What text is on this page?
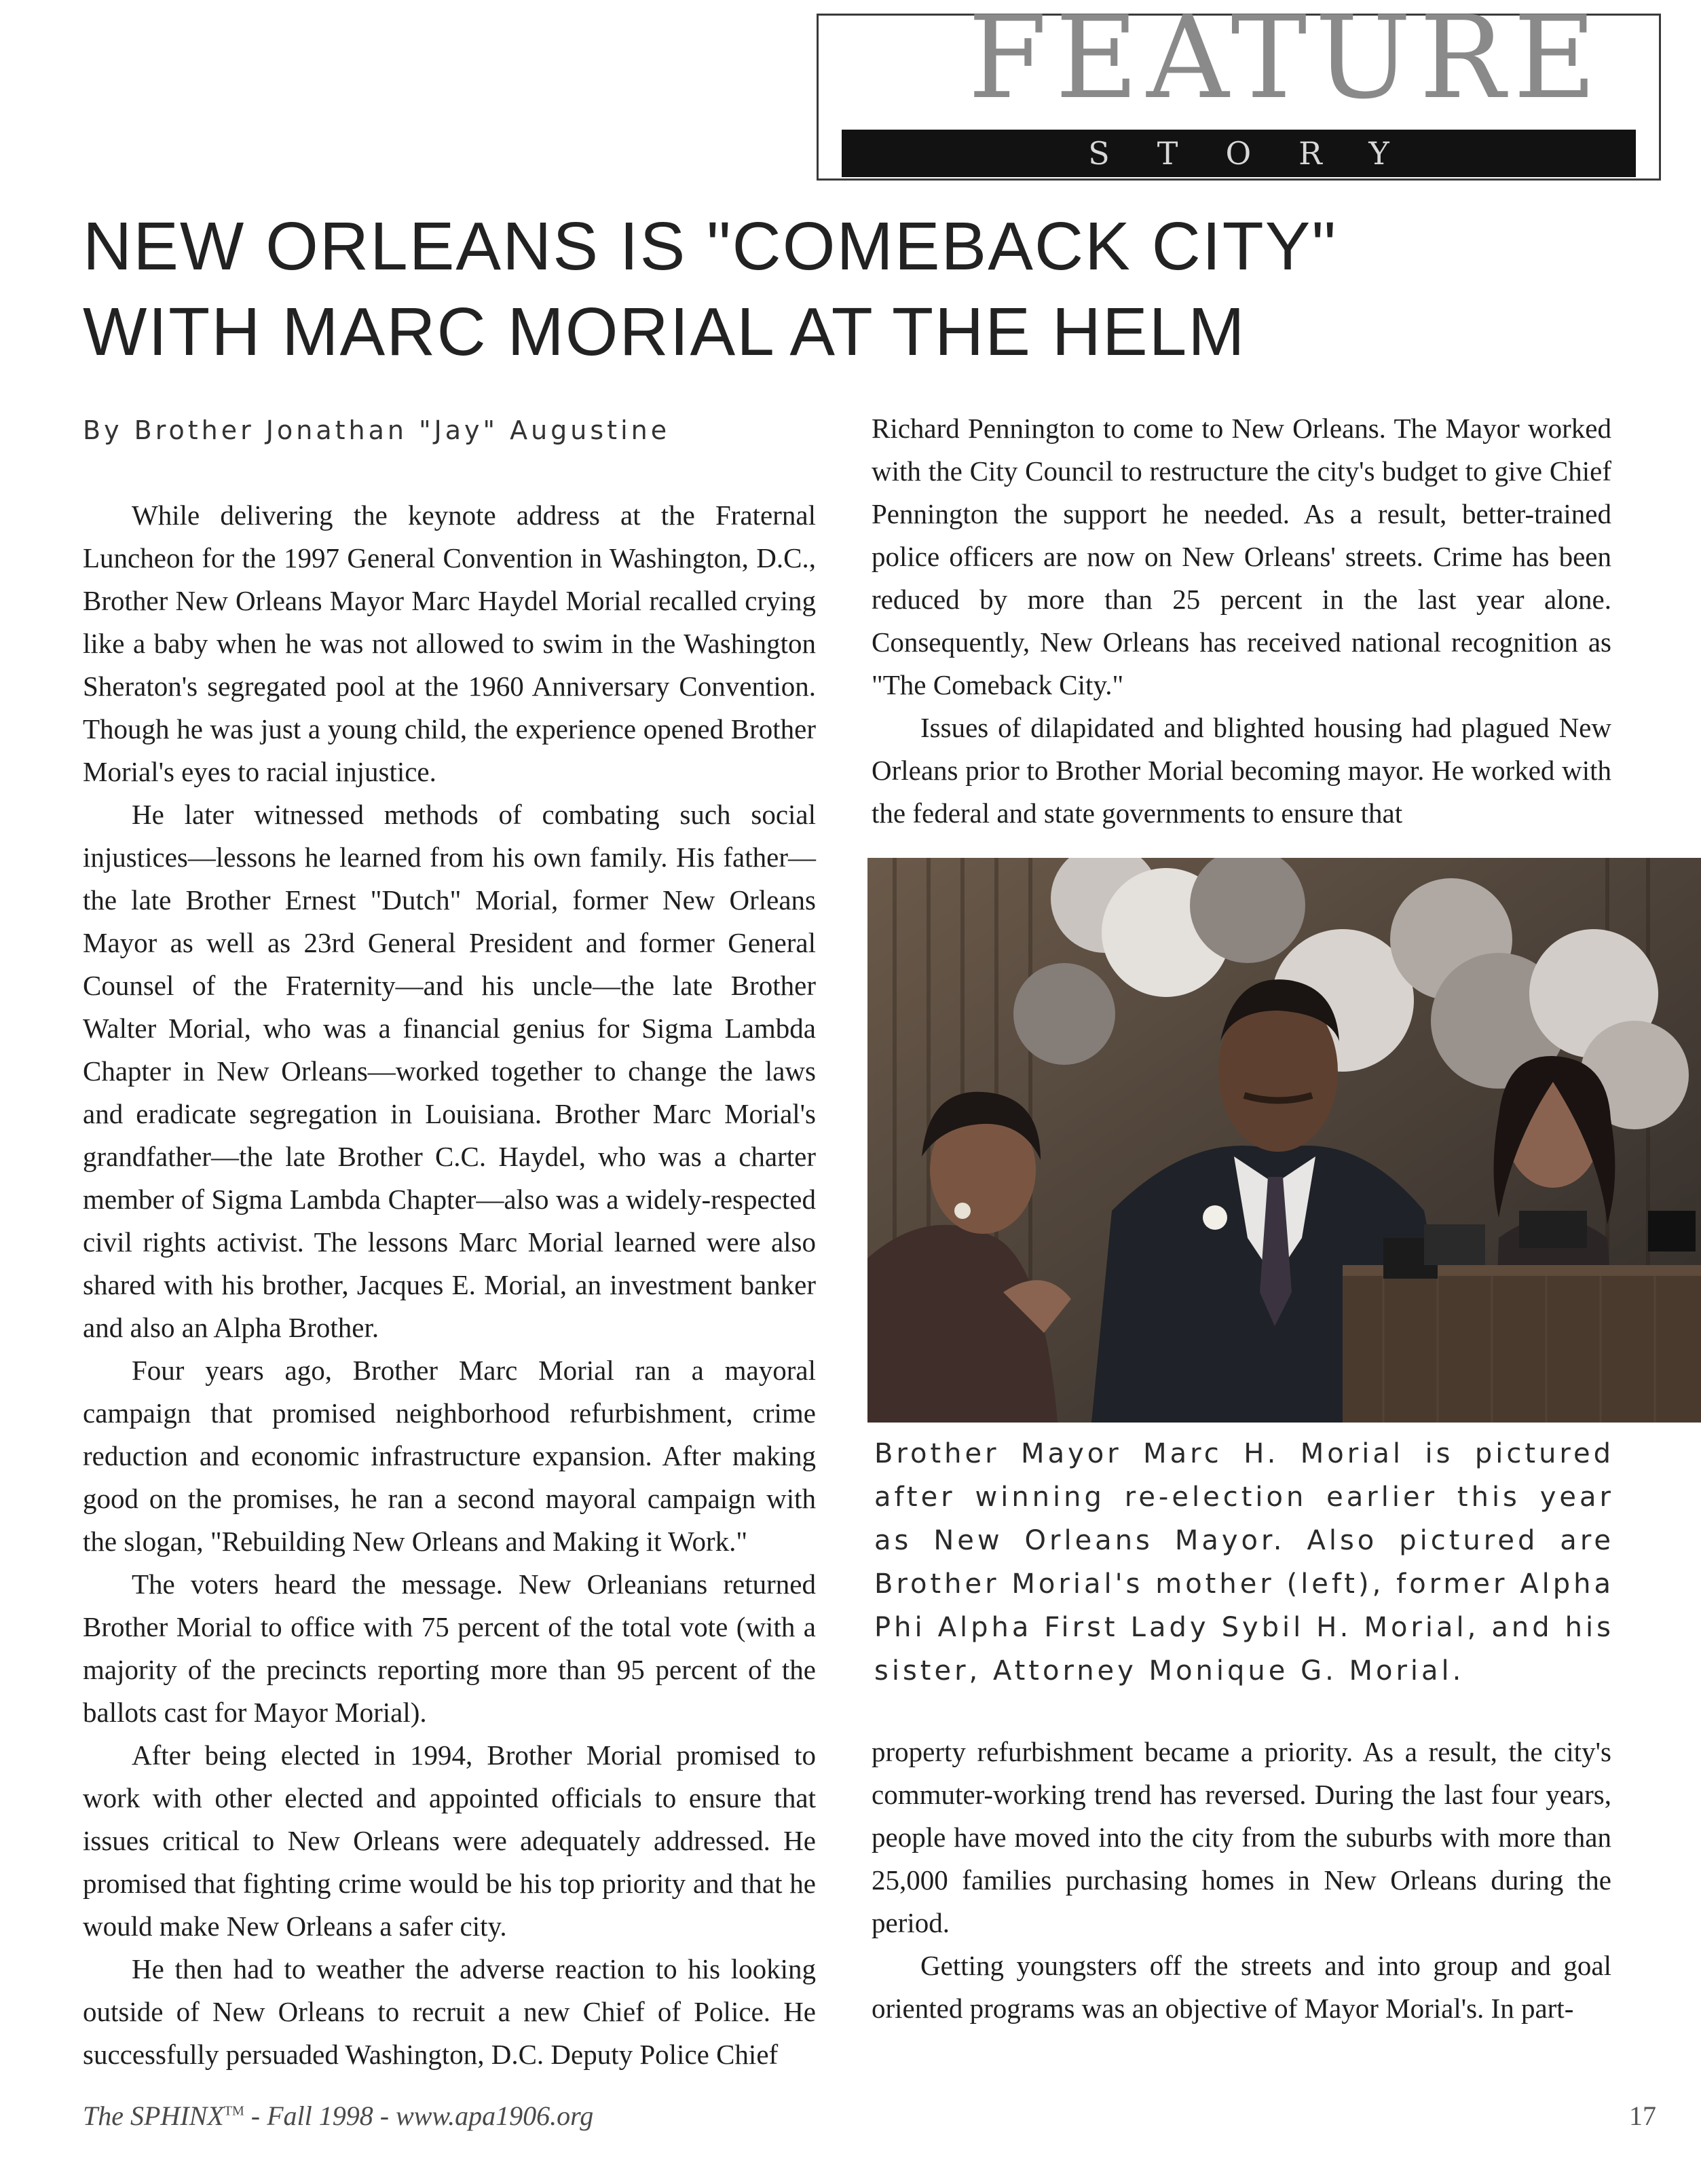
FEATURE
STORY
NEW ORLEANS IS "COMEBACK CITY"
WITH MARC MORIAL AT THE HELM
By Brother Jonathan "Jay" Augustine

While delivering the keynote address at the Fraternal Luncheon for the 1997 General Convention in Washington, D.C., Brother New Orleans Mayor Marc Haydel Morial recalled crying like a baby when he was not allowed to swim in the Washington Sheraton's segregated pool at the 1960 Anniversary Convention. Though he was just a young child, the experience opened Brother Morial's eyes to racial injustice.

He later witnessed methods of combating such social injustices—lessons he learned from his own family. His father—the late Brother Ernest "Dutch" Morial, former New Orleans Mayor as well as 23rd General President and former General Counsel of the Fraternity—and his uncle—the late Brother Walter Morial, who was a financial genius for Sigma Lambda Chapter in New Orleans—worked together to change the laws and eradicate segregation in Louisiana. Brother Marc Morial's grandfather—the late Brother C.C. Haydel, who was a charter member of Sigma Lambda Chapter—also was a widely-respected civil rights activist. The lessons Marc Morial learned were also shared with his brother, Jacques E. Morial, an investment banker and also an Alpha Brother.

Four years ago, Brother Marc Morial ran a mayoral campaign that promised neighborhood refurbishment, crime reduction and economic infrastructure expansion. After making good on the promises, he ran a second mayoral campaign with the slogan, "Rebuilding New Orleans and Making it Work."

The voters heard the message. New Orleanians returned Brother Morial to office with 75 percent of the total vote (with a majority of the precincts reporting more than 95 percent of the ballots cast for Mayor Morial).

After being elected in 1994, Brother Morial promised to work with other elected and appointed officials to ensure that issues critical to New Orleans were adequately addressed. He promised that fighting crime would be his top priority and that he would make New Orleans a safer city.

He then had to weather the adverse reaction to his looking outside of New Orleans to recruit a new Chief of Police. He successfully persuaded Washington, D.C. Deputy Police Chief

Richard Pennington to come to New Orleans. The Mayor worked with the City Council to restructure the city's budget to give Chief Pennington the support he needed. As a result, better-trained police officers are now on New Orleans' streets. Crime has been reduced by more than 25 percent in the last year alone. Consequently, New Orleans has received national recognition as "The Comeback City."

Issues of dilapidated and blighted housing had plagued New Orleans prior to Brother Morial becoming mayor. He worked with the federal and state governments to ensure that

Brother Mayor Marc H. Morial is pictured after winning re-election earlier this year as New Orleans Mayor. Also pictured are Brother Morial's mother (left), former Alpha Phi Alpha First Lady Sybil H. Morial, and his sister, Attorney Monique G. Morial.

property refurbishment became a priority. As a result, the city's commuter-working trend has reversed. During the last four years, people have moved into the city from the suburbs with more than 25,000 families purchasing homes in New Orleans during the period.

Getting youngsters off the streets and into group and goal oriented programs was an objective of Mayor Morial's. In part-

The SPHINX™ - Fall 1998 - www.apa1906.org	17
